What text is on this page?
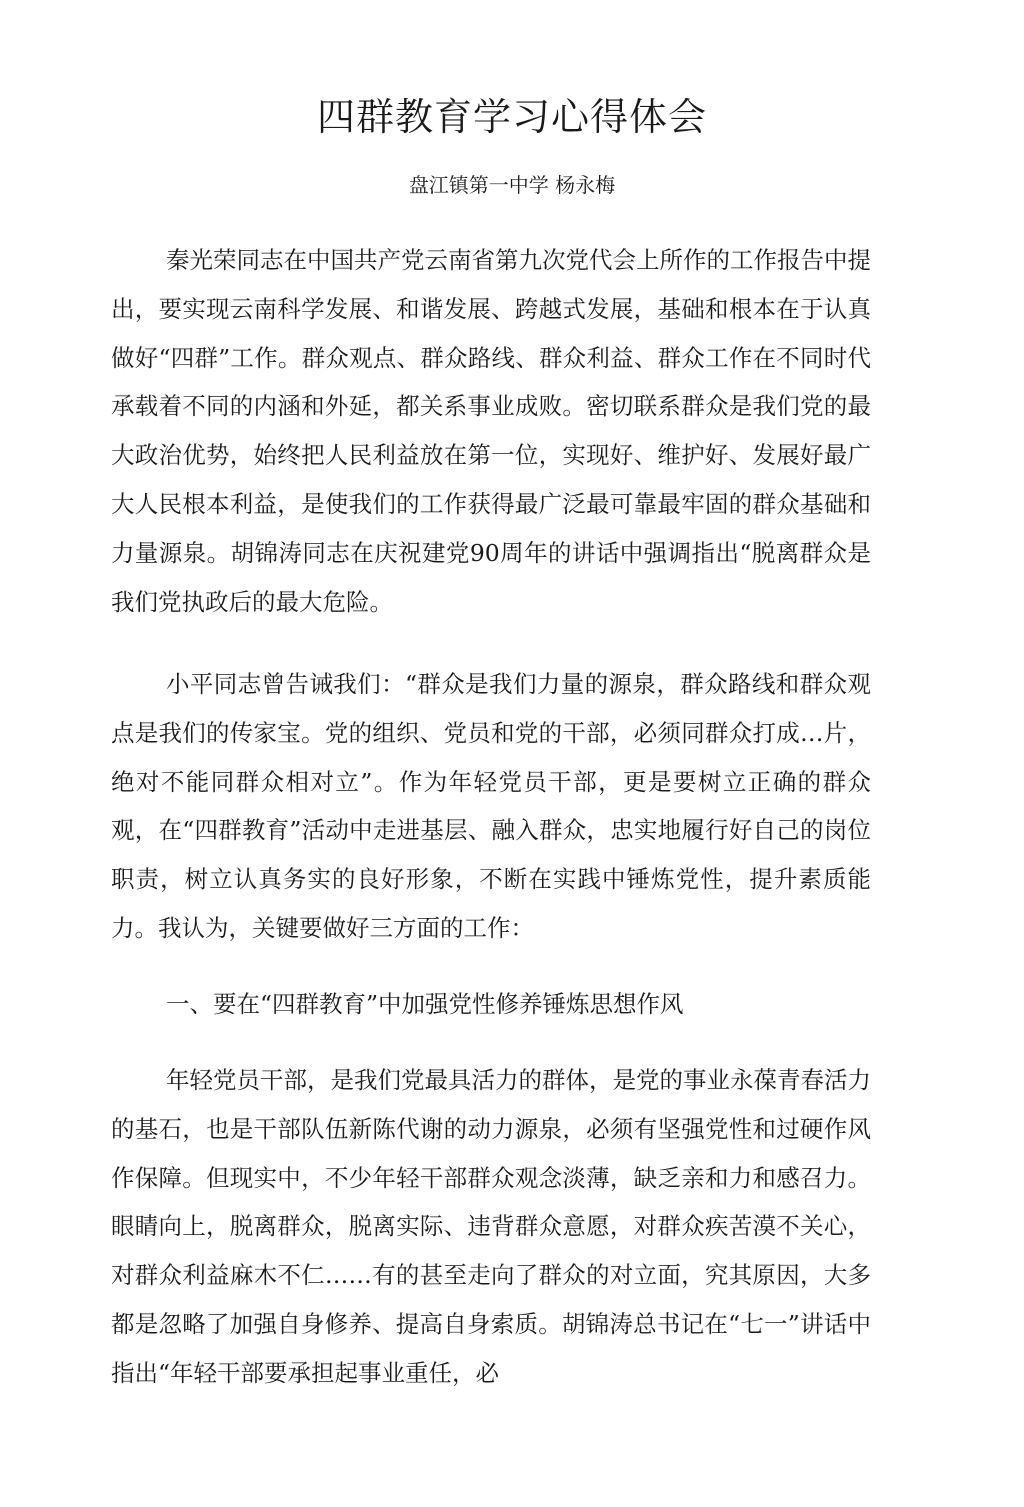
四群教育学习心得体会
盘江镇第一中学 杨永梅

秦光荣同志在中国共产党云南省第九次党代会上所作的工作报告中提出，要实现云南科学发展、和谐发展、跨越式发展，基础和根本在于认真做好“四群”工作。群众观点、群众路线、群众利益、群众工作在不同时代承载着不同的内涵和外延，都关系事业成败。密切联系群众是我们党的最大政治优势，始终把人民利益放在第一位，实现好、维护好、发展好最广大人民根本利益，是使我们的工作获得最广泛最可靠最牢固的群众基础和力量源泉。胡锦涛同志在庆祝建党90周年的讲话中强调指出“脱离群众是我们党执政后的最大危险。

小平同志曾告诫我们：“群众是我们力量的源泉，群众路线和群众观点是我们的传家宝。党的组织、党员和党的干部，必须同群众打成…片，绝对不能同群众相对立”。作为年轻党员干部，更是要树立正确的群众观，在“四群教育”活动中走进基层、融入群众，忠实地履行好自己的岗位职责，树立认真务实的良好形象，不断在实践中锤炼党性，提升素质能力。我认为，关键要做好三方面的工作：

一、要在“四群教育”中加强党性修养锤炼思想作风

年轻党员干部，是我们党最具活力的群体，是党的事业永葆青春活力的基石，也是干部队伍新陈代谢的动力源泉，必须有坚强党性和过硬作风作保障。但现实中，不少年轻干部群众观念淡薄，缺乏亲和力和感召力。眼睛向上，脱离群众，脱离实际、违背群众意愿，对群众疾苦漠不关心，对群众利益麻木不仁……有的甚至走向了群众的对立面，究其原因，大多都是忽略了加强自身修养、提高自身索质。胡锦涛总书记在“七一”讲话中指出“年轻干部要承担起事业重任，必
